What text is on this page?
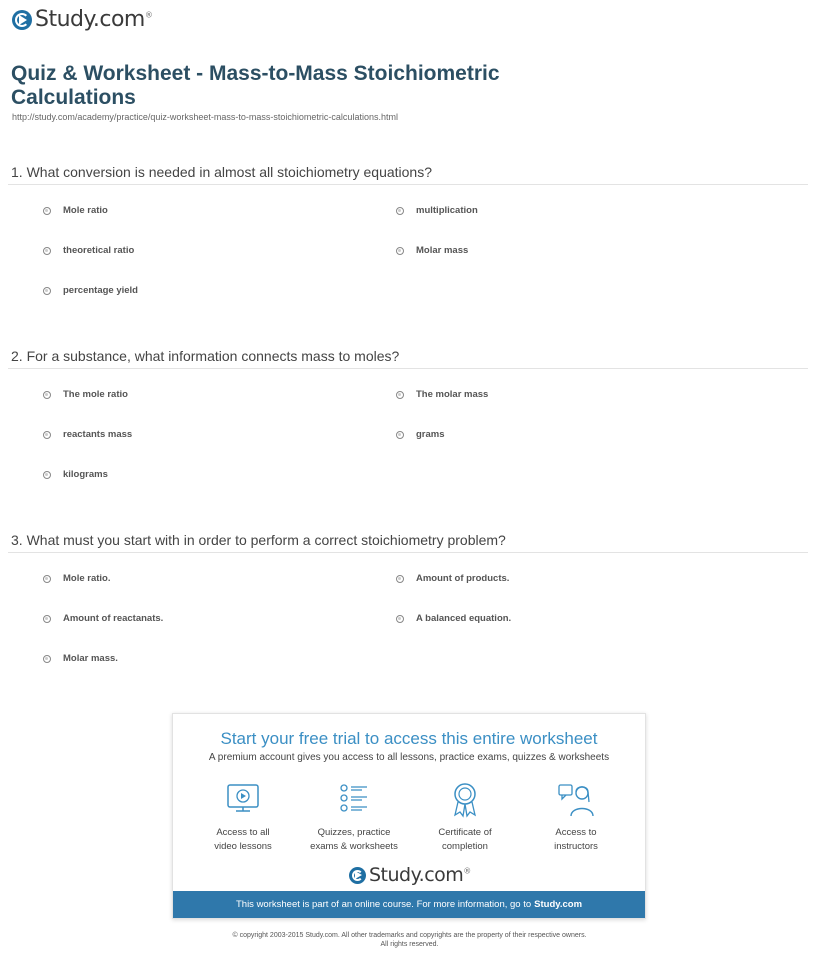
Study.com®
Quiz & Worksheet - Mass-to-Mass Stoichiometric Calculations
http://study.com/academy/practice/quiz-worksheet-mass-to-mass-stoichiometric-calculations.html
1. What conversion is needed in almost all stoichiometry equations?
Mole ratio	multiplication
theoretical ratio	Molar mass
percentage yield
2. For a substance, what information connects mass to moles?
The mole ratio	The molar mass
reactants mass	grams
kilograms
3. What must you start with in order to perform a correct stoichiometry problem?
Mole ratio.	Amount of products.
Amount of reactanats.	A balanced equation.
Molar mass.
Start your free trial to access this entire worksheet
A premium account gives you access to all lessons, practice exams, quizzes & worksheets
Access to all
video lessons
Quizzes, practice
exams & worksheets
Certificate of
completion
Access to
instructors
Study.com®
This worksheet is part of an online course. For more information, go to Study.com
© copyright 2003-2015 Study.com. All other trademarks and copyrights are the property of their respective owners.
All rights reserved.
